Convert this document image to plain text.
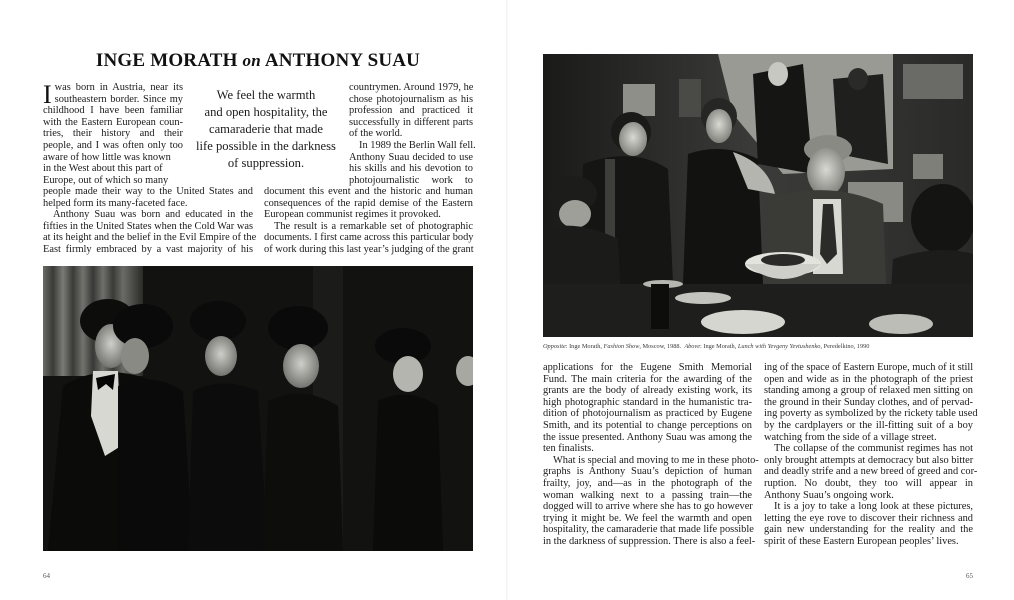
INGE MORATH on ANTHONY SUAU
I was born in Austria, near its
southeastern border. Since my
childhood I have been familiar
with the Eastern European coun-
tries, their history and their
people, and I was often only too
aware of how little was known
in the West about this part of
Europe, out of which so many
We feel the warmth
and open hospitality, the
camaraderie that made
life possible in the darkness
of suppression.
countrymen. Around 1979, he
chose photojournalism as his
profession and practiced it
successfully in different parts
of the world.
In 1989 the Berlin Wall fell.
Anthony Suau decided to use
his skills and his devotion to
photojournalistic work to
people made their way to the United States and
helped form its many-faceted face.
Anthony Suau was born and educated in the
fifties in the United States when the Cold War was
at its height and the belief in the Evil Empire of the
East firmly embraced by a vast majority of his
document this event and the historic and human
consequences of the rapid demise of the Eastern
European communist regimes it provoked.
The result is a remarkable set of photographic
documents. I first came across this particular body
of work during this last year’s judging of the grant
64
Opposite: Inge Morath, Fashion Show, Moscow, 1988. Above: Inge Morath, Lunch with Yevgeny Yevtushenko, Peredelkino, 1990
applications for the Eugene Smith Memorial
Fund. The main criteria for the awarding of the
grants are the body of already existing work, its
high photographic standard in the humanistic tra-
dition of photojournalism as practiced by Eugene
Smith, and its potential to change perceptions on
the issue presented. Anthony Suau was among the
ten finalists.
What is special and moving to me in these photo-
graphs is Anthony Suau’s depiction of human
frailty, joy, and—as in the photograph of the
woman walking next to a passing train—the
dogged will to arrive where she has to go however
trying it might be. We feel the warmth and open
hospitality, the camaraderie that made life possible
in the darkness of suppression. There is also a feel-
ing of the space of Eastern Europe, much of it still
open and wide as in the photograph of the priest
standing among a group of relaxed men sitting on
the ground in their Sunday clothes, and of pervad-
ing poverty as symbolized by the rickety table used
by the cardplayers or the ill-fitting suit of a boy
watching from the side of a village street.
The collapse of the communist regimes has not
only brought attempts at democracy but also bitter
and deadly strife and a new breed of greed and cor-
ruption. No doubt, they too will appear in
Anthony Suau’s ongoing work.
It is a joy to take a long look at these pictures,
letting the eye rove to discover their richness and
gain new understanding for the reality and the
spirit of these Eastern European peoples’ lives.
65
